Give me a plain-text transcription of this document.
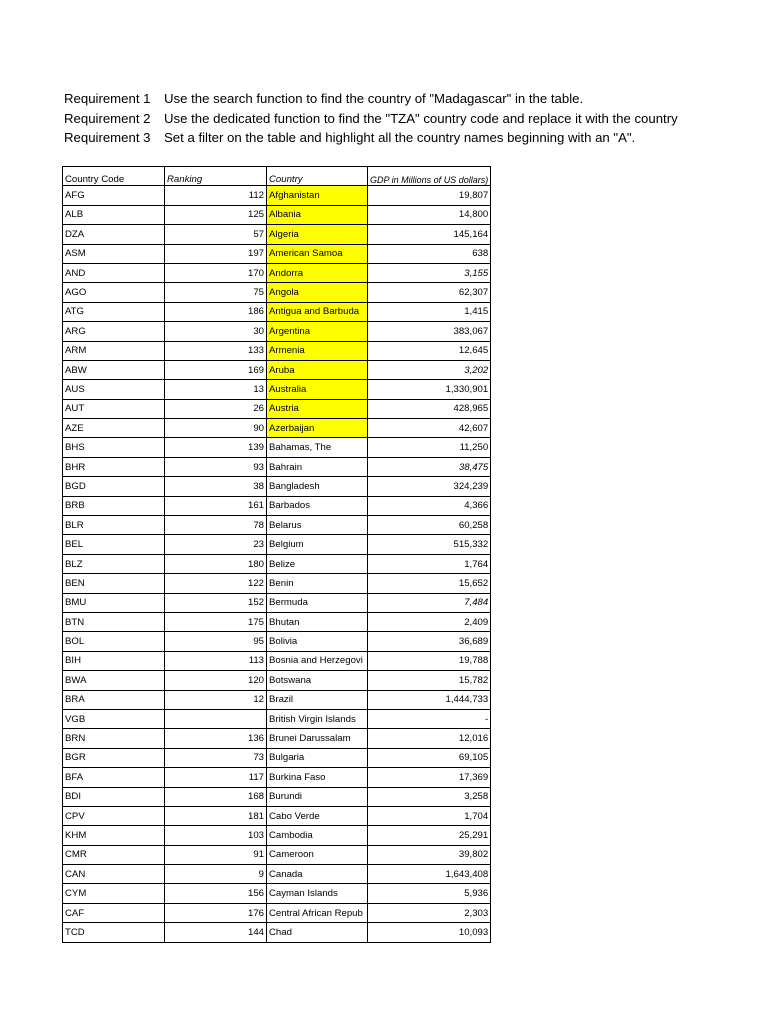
Requirement 1	Use the search function to find the country of "Madagascar" in the table.
Requirement 2	Use the dedicated function to find the "TZA" country code and replace it with the country
Requirement 3	Set a filter on the table and highlight all the country names beginning with an "A".
Country Code	Ranking	Country	GDP in Millions of US dollars)
AFG	112	Afghanistan	19,807
ALB	125	Albania	14,800
DZA	57	Algeria	145,164
ASM	197	American Samoa	638
AND	170	Andorra	3,155
AGO	75	Angola	62,307
ATG	186	Antigua and Barbuda	1,415
ARG	30	Argentina	383,067
ARM	133	Armenia	12,645
ABW	169	Aruba	3,202
AUS	13	Australia	1,330,901
AUT	26	Austria	428,965
AZE	90	Azerbaijan	42,607
BHS	139	Bahamas, The	11,250
BHR	93	Bahrain	38,475
BGD	38	Bangladesh	324,239
BRB	161	Barbados	4,366
BLR	78	Belarus	60,258
BEL	23	Belgium	515,332
BLZ	180	Belize	1,764
BEN	122	Benin	15,652
BMU	152	Bermuda	7,484
BTN	175	Bhutan	2,409
BOL	95	Bolivia	36,689
BIH	113	Bosnia and Herzegovi	19,788
BWA	120	Botswana	15,782
BRA	12	Brazil	1,444,733
VGB		British Virgin Islands	-
BRN	136	Brunei Darussalam	12,016
BGR	73	Bulgaria	69,105
BFA	117	Burkina Faso	17,369
BDI	168	Burundi	3,258
CPV	181	Cabo Verde	1,704
KHM	103	Cambodia	25,291
CMR	91	Cameroon	39,802
CAN	9	Canada	1,643,408
CYM	156	Cayman Islands	5,936
CAF	176	Central African Repub	2,303
TCD	144	Chad	10,093
